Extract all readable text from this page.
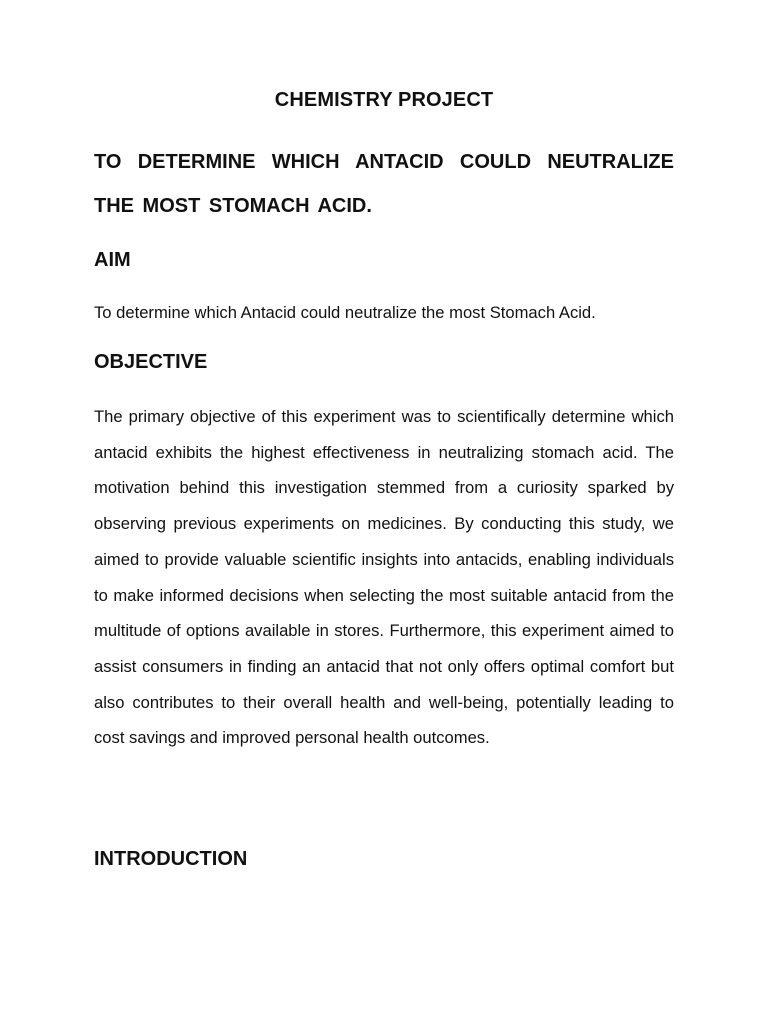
CHEMISTRY PROJECT
TO DETERMINE WHICH ANTACID COULD NEUTRALIZE THE MOST STOMACH ACID.
AIM

To determine which Antacid could neutralize the most Stomach Acid.

OBJECTIVE

The primary objective of this experiment was to scientifically determine which antacid exhibits the highest effectiveness in neutralizing stomach acid. The motivation behind this investigation stemmed from a curiosity sparked by observing previous experiments on medicines. By conducting this study, we aimed to provide valuable scientific insights into antacids, enabling individuals to make informed decisions when selecting the most suitable antacid from the multitude of options available in stores. Furthermore, this experiment aimed to assist consumers in finding an antacid that not only offers optimal comfort but also contributes to their overall health and well-being, potentially leading to cost savings and improved personal health outcomes.

INTRODUCTION
